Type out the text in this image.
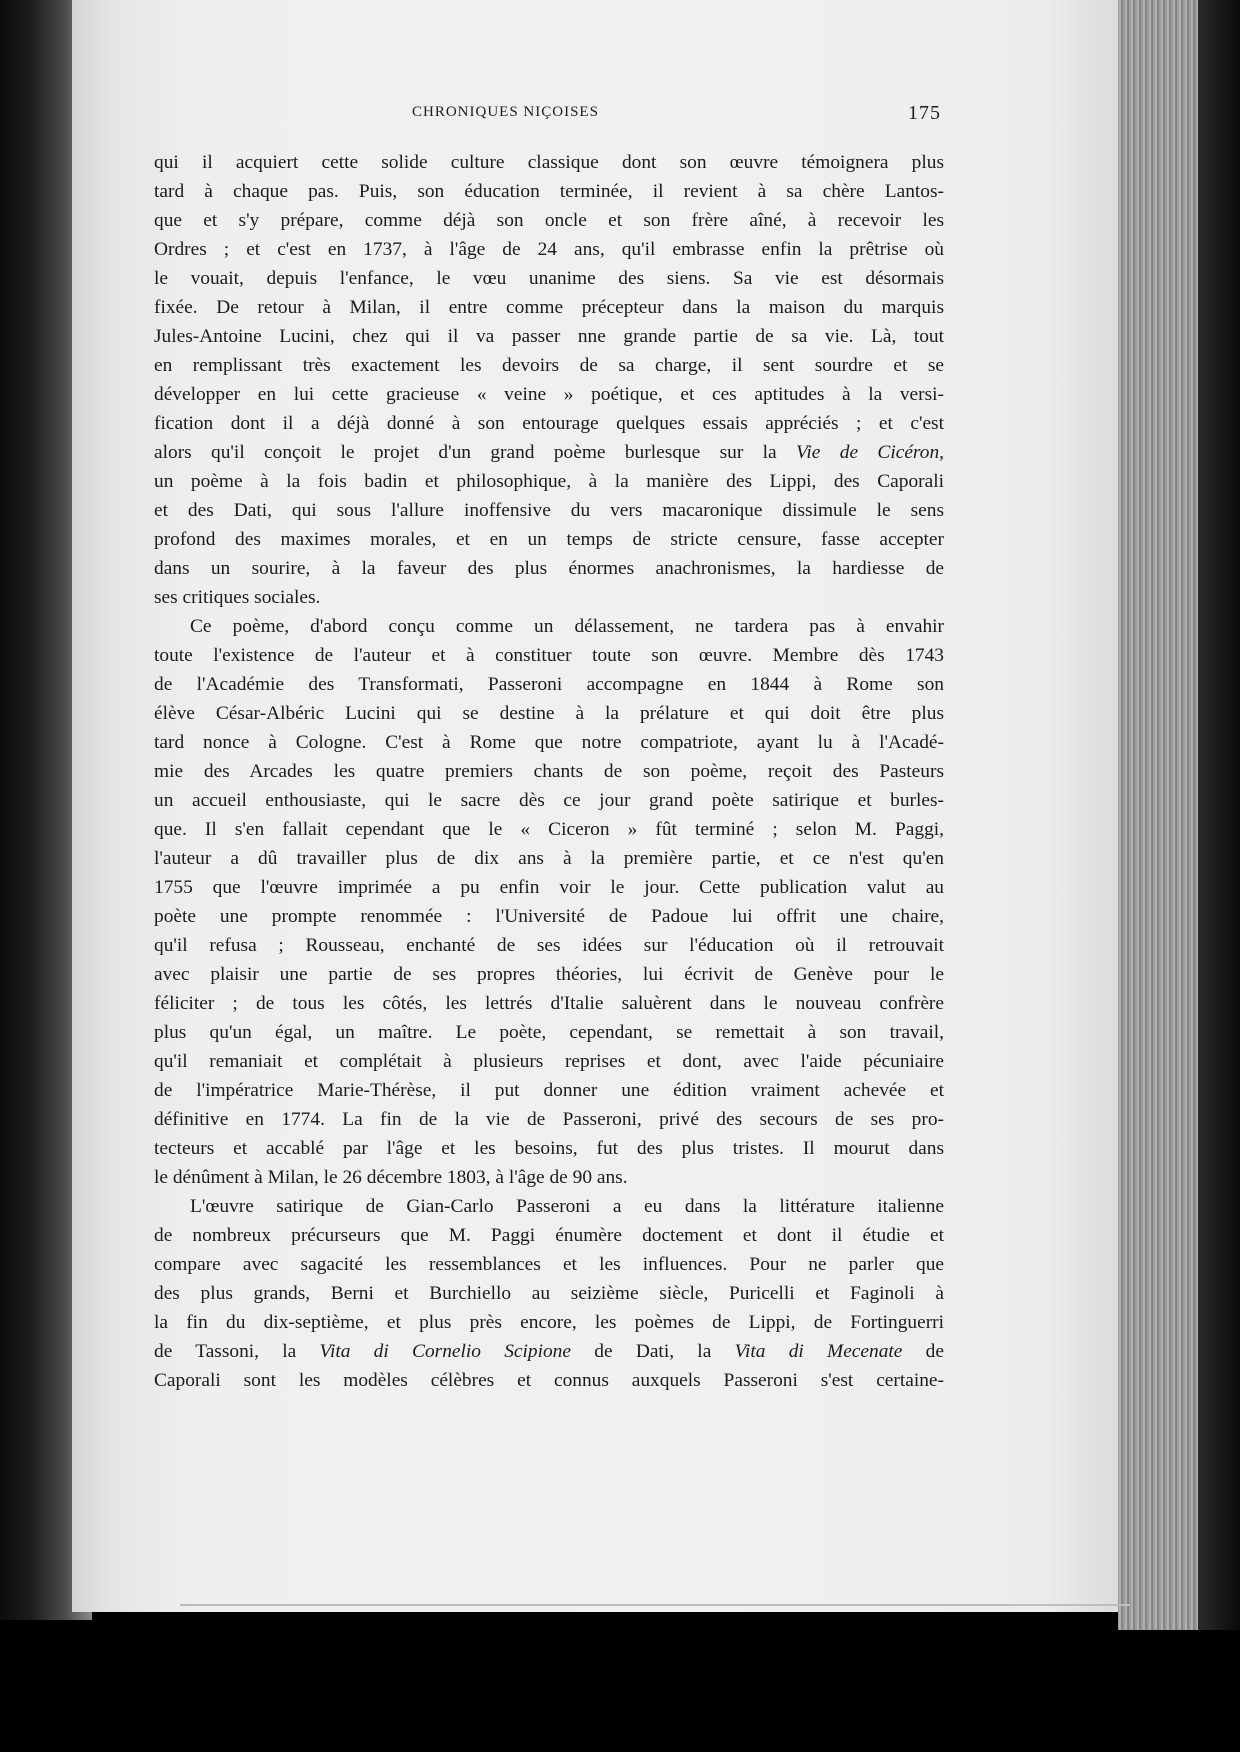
CHRONIQUES NIÇOISES	175
qui il acquiert cette solide culture classique dont son œuvre témoignera plus
tard à chaque pas. Puis, son éducation terminée, il revient à sa chère Lantos-
que et s'y prépare, comme déjà son oncle et son frère aîné, à recevoir les
Ordres ; et c'est en 1737, à l'âge de 24 ans, qu'il embrasse enfin la prêtrise où
le vouait, depuis l'enfance, le vœu unanime des siens. Sa vie est désormais
fixée. De retour à Milan, il entre comme précepteur dans la maison du marquis
Jules-Antoine Lucini, chez qui il va passer nne grande partie de sa vie. Là, tout
en remplissant très exactement les devoirs de sa charge, il sent sourdre et se
développer en lui cette gracieuse « veine » poétique, et ces aptitudes à la versi-
fication dont il a déjà donné à son entourage quelques essais appréciés ; et c'est
alors qu'il conçoit le projet d'un grand poème burlesque sur la Vie de Cicéron,
un poème à la fois badin et philosophique, à la manière des Lippi, des Caporali
et des Dati, qui sous l'allure inoffensive du vers macaronique dissimule le sens
profond des maximes morales, et en un temps de stricte censure, fasse accepter
dans un sourire, à la faveur des plus énormes anachronismes, la hardiesse de
ses critiques sociales.
Ce poème, d'abord conçu comme un délassement, ne tardera pas à envahir
toute l'existence de l'auteur et à constituer toute son œuvre. Membre dès 1743
de l'Académie des Transformati, Passeroni accompagne en 1844 à Rome son
élève César-Albéric Lucini qui se destine à la prélature et qui doit être plus
tard nonce à Cologne. C'est à Rome que notre compatriote, ayant lu à l'Acadé-
mie des Arcades les quatre premiers chants de son poème, reçoit des Pasteurs
un accueil enthousiaste, qui le sacre dès ce jour grand poète satirique et burles-
que. Il s'en fallait cependant que le « Ciceron » fût terminé ; selon M. Paggi,
l'auteur a dû travailler plus de dix ans à la première partie, et ce n'est qu'en
1755 que l'œuvre imprimée a pu enfin voir le jour. Cette publication valut au
poète une prompte renommée : l'Université de Padoue lui offrit une chaire,
qu'il refusa ; Rousseau, enchanté de ses idées sur l'éducation où il retrouvait
avec plaisir une partie de ses propres théories, lui écrivit de Genève pour le
féliciter ; de tous les côtés, les lettrés d'Italie saluèrent dans le nouveau confrère
plus qu'un égal, un maître. Le poète, cependant, se remettait à son travail,
qu'il remaniait et complétait à plusieurs reprises et dont, avec l'aide pécuniaire
de l'impératrice Marie-Thérèse, il put donner une édition vraiment achevée et
définitive en 1774. La fin de la vie de Passeroni, privé des secours de ses pro-
tecteurs et accablé par l'âge et les besoins, fut des plus tristes. Il mourut dans
le dénûment à Milan, le 26 décembre 1803, à l'âge de 90 ans.
L'œuvre satirique de Gian-Carlo Passeroni a eu dans la littérature italienne
de nombreux précurseurs que M. Paggi énumère doctement et dont il étudie et
compare avec sagacité les ressemblances et les influences. Pour ne parler que
des plus grands, Berni et Burchiello au seizième siècle, Puricelli et Faginoli à
la fin du dix-septième, et plus près encore, les poèmes de Lippi, de Fortinguerri
de Tassoni, la Vita di Cornelio Scipione de Dati, la Vita di Mecenate de
Caporali sont les modèles célèbres et connus auxquels Passeroni s'est certaine-
